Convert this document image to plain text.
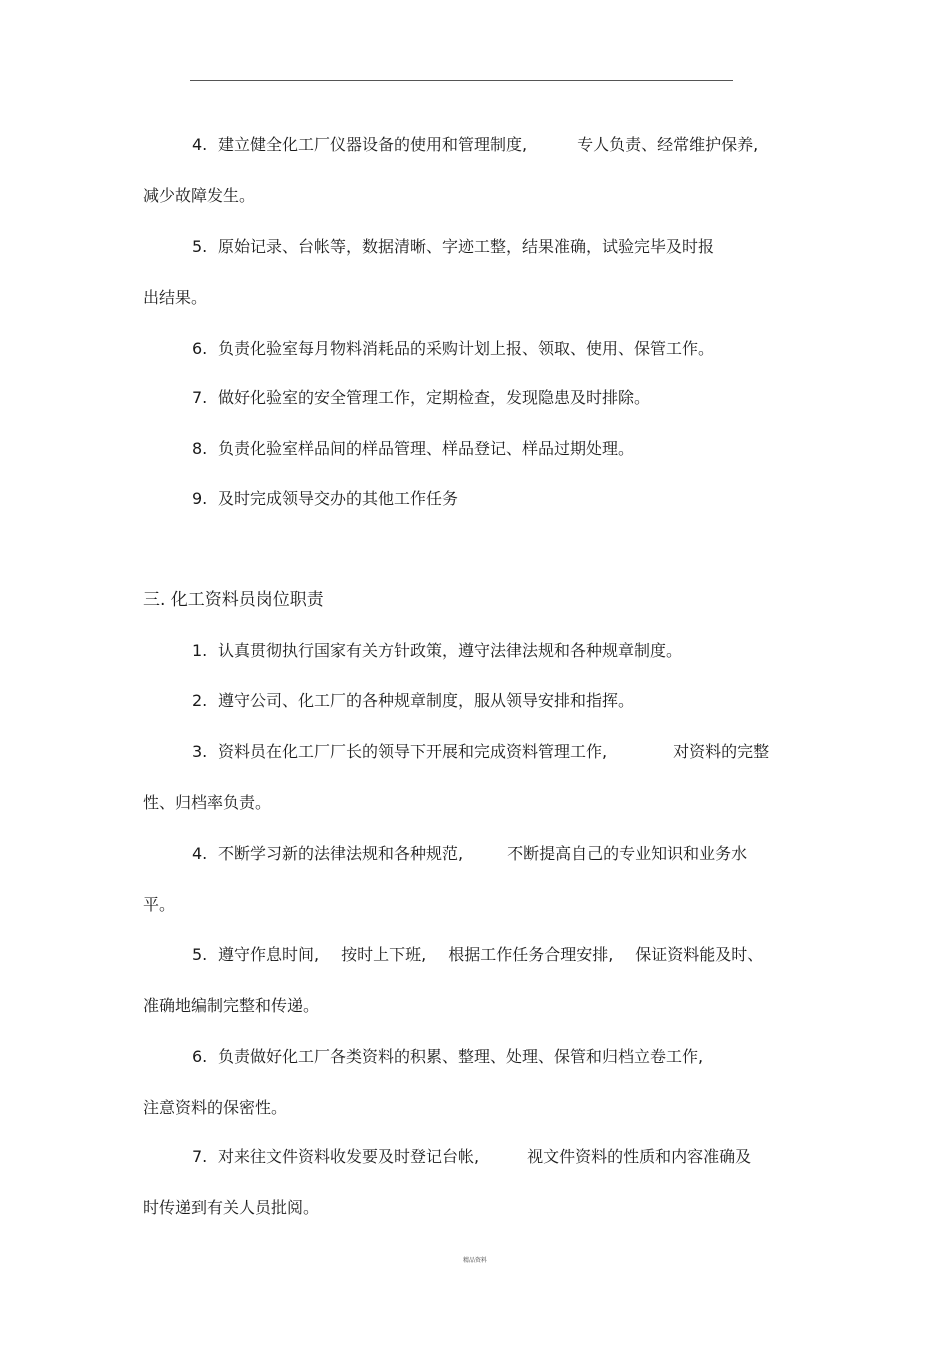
4. 建立健全化工厂仪器设备的使用和管理制度,	专人负责、经常维护保养,
减少故障发生。
5. 原始记录、台帐等，数据清晰、字迹工整，结果准确，试验完毕及时报
出结果。
6. 负责化验室每月物料消耗品的采购计划上报、领取、使用、保管工作。
7. 做好化验室的安全管理工作，定期检查，发现隐患及时排除。
8. 负责化验室样品间的样品管理、样品登记、样品过期处理。
9. 及时完成领导交办的其他工作任务
三. 化工资料员岗位职责
1. 认真贯彻执行国家有关方针政策，遵守法律法规和各种规章制度。
2. 遵守公司、化工厂的各种规章制度，服从领导安排和指挥。
3. 资料员在化工厂厂长的领导下开展和完成资料管理工作,	对资料的完整
性、归档率负责。
4. 不断学习新的法律法规和各种规范,	不断提高自己的专业知识和业务水
平。
5. 遵守作息时间, 按时上下班, 根据工作任务合理安排, 保证资料能及时、
准确地编制完整和传递。
6. 负责做好化工厂各类资料的积累、整理、处理、保管和归档立卷工作,
注意资料的保密性。
7. 对来往文件资料收发要及时登记台帐,	视文件资料的性质和内容准确及
时传递到有关人员批阅。
精品资料
